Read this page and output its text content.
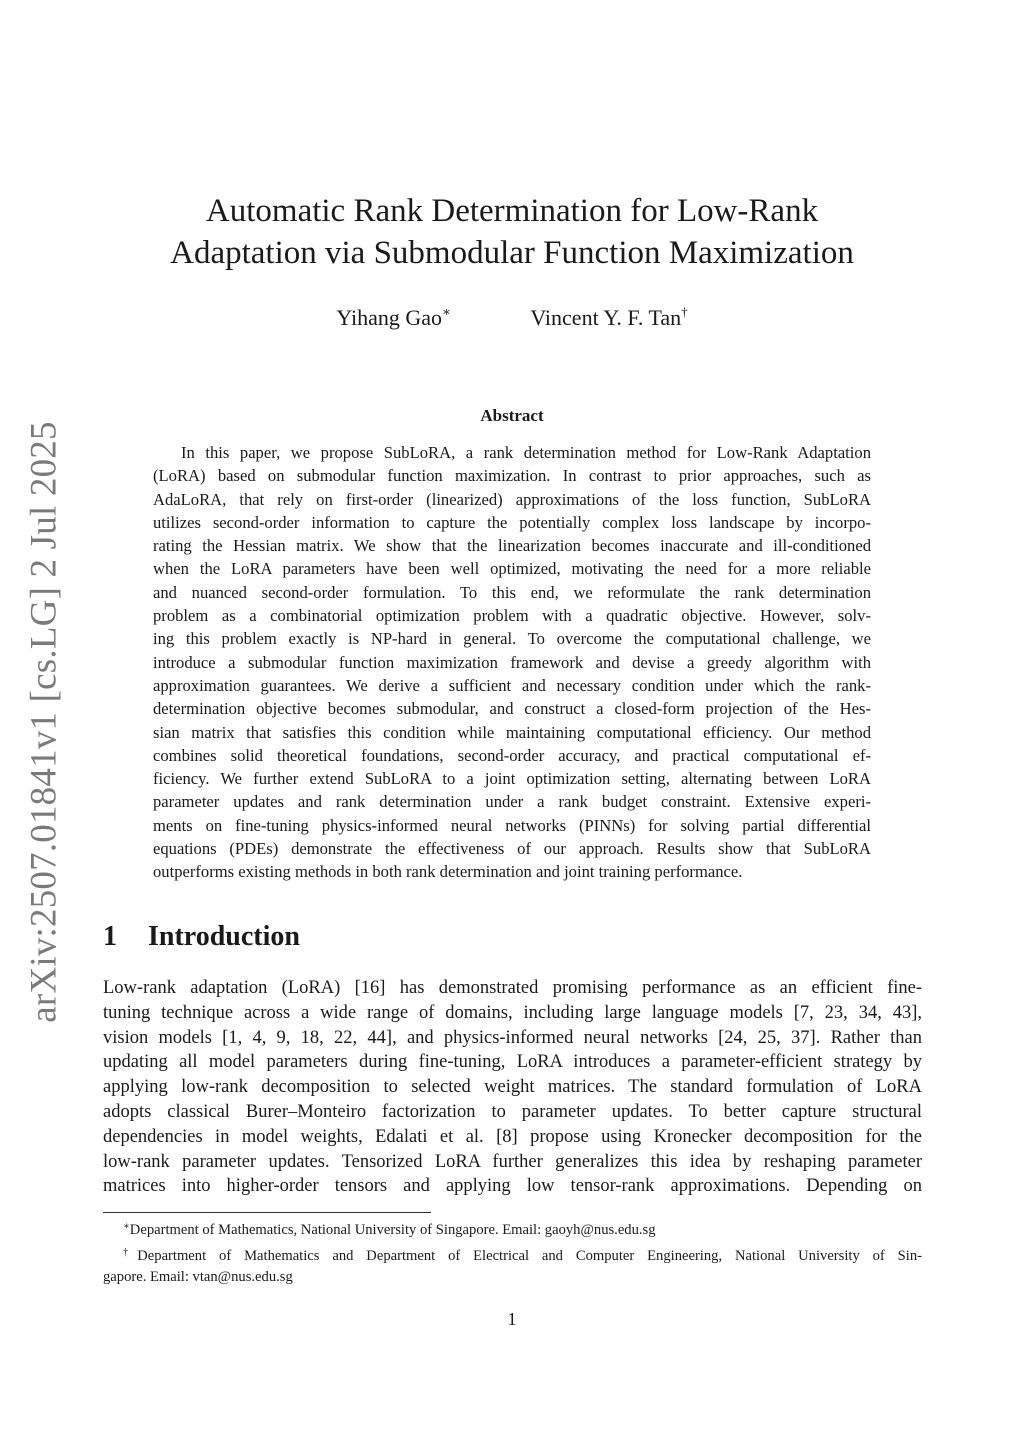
arXiv:2507.01841v1 [cs.LG] 2 Jul 2025
Automatic Rank Determination for Low-Rank
Adaptation via Submodular Function Maximization
Yihang Gao∗	Vincent Y. F. Tan†
Abstract
In this paper, we propose SubLoRA, a rank determination method for Low-Rank Adaptation
(LoRA) based on submodular function maximization. In contrast to prior approaches, such as
AdaLoRA, that rely on first-order (linearized) approximations of the loss function, SubLoRA
utilizes second-order information to capture the potentially complex loss landscape by incorpo-
rating the Hessian matrix. We show that the linearization becomes inaccurate and ill-conditioned
when the LoRA parameters have been well optimized, motivating the need for a more reliable
and nuanced second-order formulation. To this end, we reformulate the rank determination
problem as a combinatorial optimization problem with a quadratic objective. However, solv-
ing this problem exactly is NP-hard in general. To overcome the computational challenge, we
introduce a submodular function maximization framework and devise a greedy algorithm with
approximation guarantees. We derive a sufficient and necessary condition under which the rank-
determination objective becomes submodular, and construct a closed-form projection of the Hes-
sian matrix that satisfies this condition while maintaining computational efficiency. Our method
combines solid theoretical foundations, second-order accuracy, and practical computational ef-
ficiency. We further extend SubLoRA to a joint optimization setting, alternating between LoRA
parameter updates and rank determination under a rank budget constraint. Extensive experi-
ments on fine-tuning physics-informed neural networks (PINNs) for solving partial differential
equations (PDEs) demonstrate the effectiveness of our approach. Results show that SubLoRA
outperforms existing methods in both rank determination and joint training performance.
1 Introduction
Low-rank adaptation (LoRA) [16] has demonstrated promising performance as an efficient fine-
tuning technique across a wide range of domains, including large language models [7, 23, 34, 43],
vision models [1, 4, 9, 18, 22, 44], and physics-informed neural networks [24, 25, 37]. Rather than
updating all model parameters during fine-tuning, LoRA introduces a parameter-efficient strategy by
applying low-rank decomposition to selected weight matrices. The standard formulation of LoRA
adopts classical Burer–Monteiro factorization to parameter updates. To better capture structural
dependencies in model weights, Edalati et al. [8] propose using Kronecker decomposition for the
low-rank parameter updates. Tensorized LoRA further generalizes this idea by reshaping parameter
matrices into higher-order tensors and applying low tensor-rank approximations. Depending on
∗Department of Mathematics, National University of Singapore. Email: gaoyh@nus.edu.sg
†Department of Mathematics and Department of Electrical and Computer Engineering, National University of Sin-
gapore. Email: vtan@nus.edu.sg
1
